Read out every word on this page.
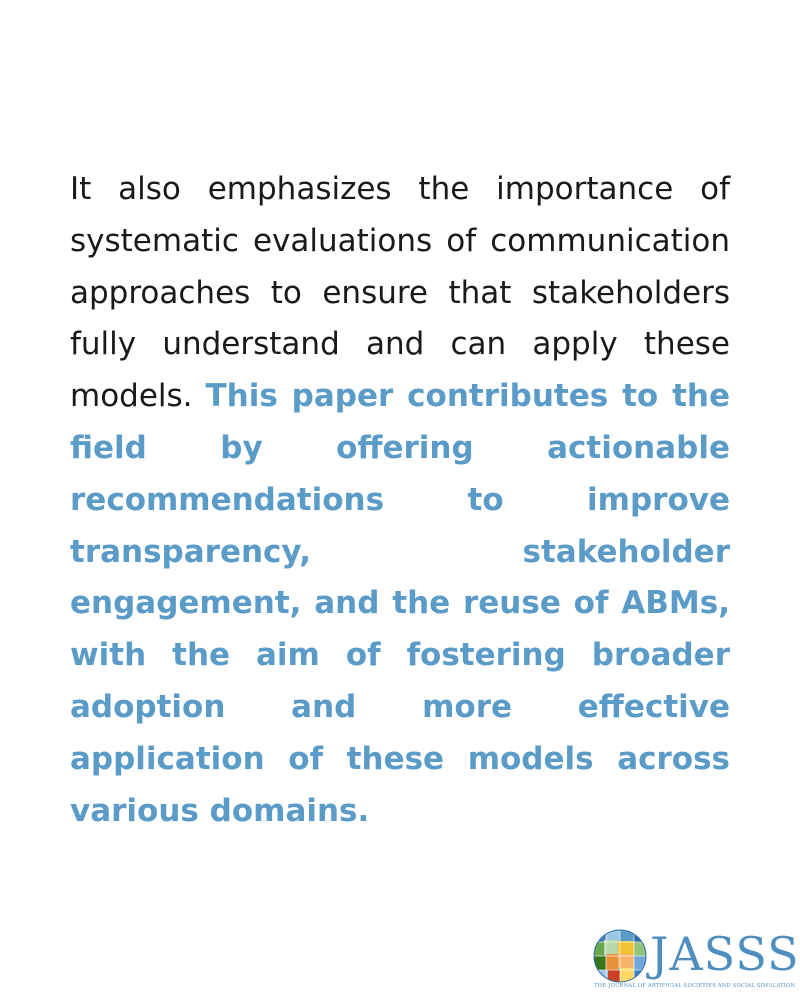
It also emphasizes the importance of systematic evaluations of communication approaches to ensure that stakeholders fully understand and can apply these models. This paper contributes to the field by offering actionable recommendations to improve transparency, stakeholder engagement, and the reuse of ABMs, with the aim of fostering broader adoption and more effective application of these models across various domains.

JASSS
THE JOURNAL OF ARTIFICIAL SOCIETIES AND SOCIAL SIMULATION
